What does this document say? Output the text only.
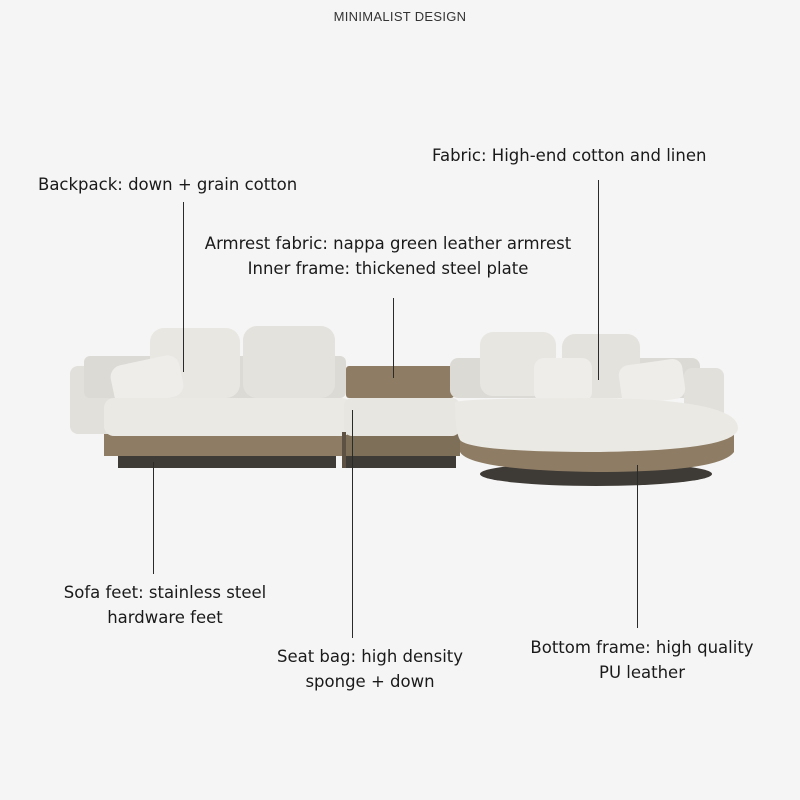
MINIMALIST DESIGN
Fabric: High-end cotton and linen
Backpack: down + grain cotton
Armrest fabric: nappa green leather armrest
Inner frame: thickened steel plate
Sofa feet: stainless steel
hardware feet
Seat bag: high density
sponge + down
Bottom frame: high quality
PU leather
